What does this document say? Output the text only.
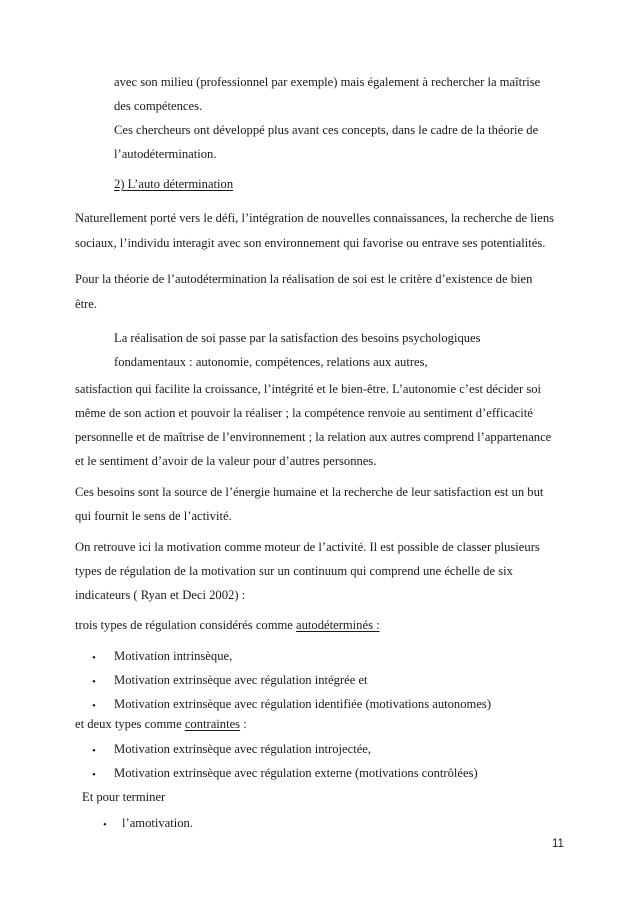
avec son milieu (professionnel par exemple) mais également à rechercher la maîtrise
des compétences.
Ces chercheurs ont développé plus avant ces concepts, dans le cadre de la théorie de
l’autodétermination.
2) L’auto détermination
Naturellement porté vers le défi, l’intégration de nouvelles connaissances, la recherche de liens
sociaux, l’individu interagit avec son environnement qui favorise ou entrave ses potentialités.
Pour la théorie de l’autodétermination la réalisation de soi est le critère d’existence de bien
être.
La réalisation de soi passe par la satisfaction des besoins psychologiques
fondamentaux : autonomie, compétences, relations aux autres,
satisfaction qui facilite la croissance, l’intégrité et le bien-être. L’autonomie c’est décider soi
même de son action et pouvoir la réaliser ; la compétence renvoie au sentiment d’efficacité
personnelle et de maîtrise de l’environnement ; la relation aux autres comprend l’appartenance
et le sentiment d’avoir de la valeur pour d’autres personnes.
Ces besoins sont la source de l’énergie humaine et la recherche de leur satisfaction est un but
qui fournit le sens de l’activité.
On retrouve ici la motivation comme moteur de l’activité. Il est possible de classer plusieurs
types de régulation de la motivation sur un continuum qui comprend une échelle de six
indicateurs ( Ryan et Deci 2002) :
trois types de régulation considérés comme autodéterminés :
• Motivation intrinsèque,
• Motivation extrinsèque avec régulation intégrée et
• Motivation extrinsèque avec régulation identifiée (motivations autonomes)
et deux types comme contraintes :
• Motivation extrinsèque avec régulation introjectée,
• Motivation extrinsèque avec régulation externe (motivations contrôlées)
Et pour terminer
• l’amotivation.
11
